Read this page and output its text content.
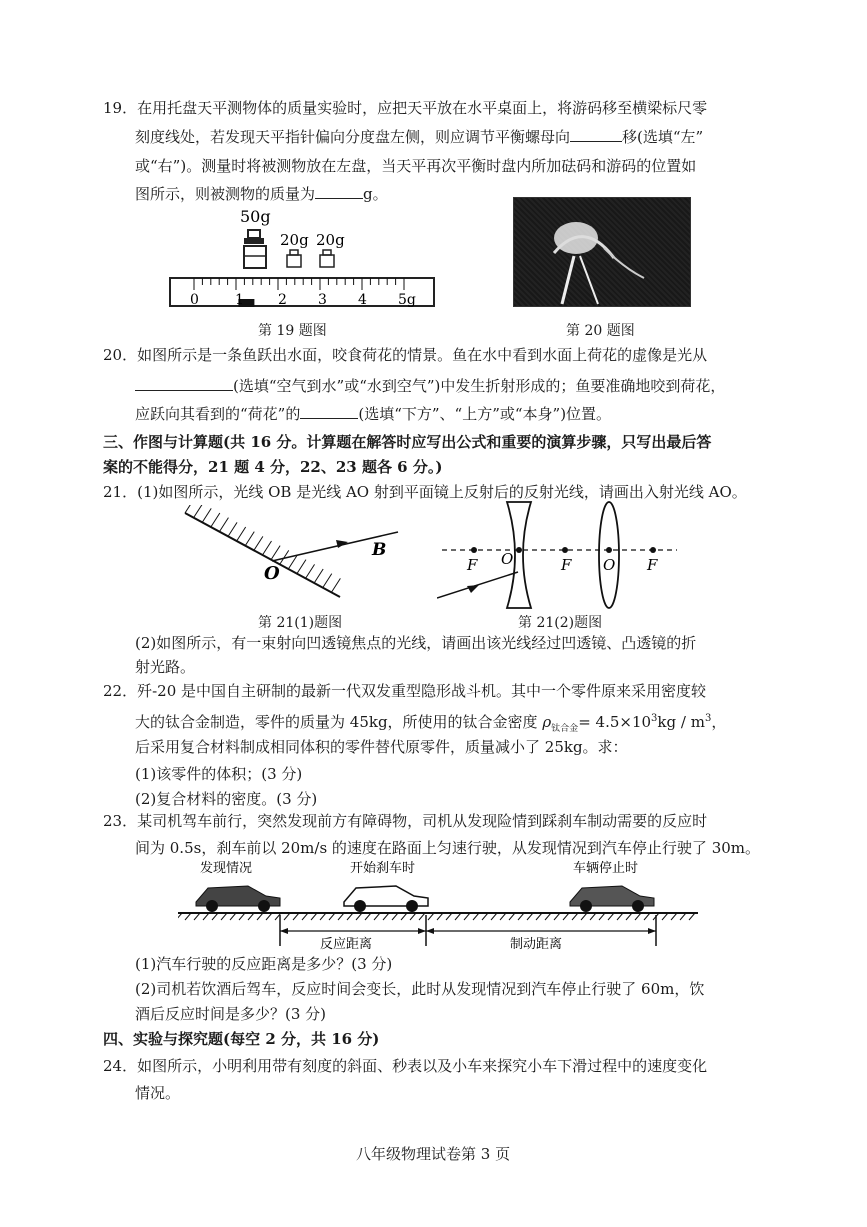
19．在用托盘天平测物体的质量实验时，应把天平放在水平桌面上，将游码移至横梁标尺零
刻度线处，若发现天平指针偏向分度盘左侧，则应调节平衡螺母向	移(选填“左”
或“右”)。测量时将被测物放在左盘，当天平再次平衡时盘内所加砝码和游码的位置如
图所示，则被测物的质量为	g。
50g
20g 20g
0	1 2 3 4 5g
第 19 题图	第 20 题图
20．如图所示是一条鱼跃出水面，咬食荷花的情景。鱼在水中看到水面上荷花的虚像是光从
(选填“空气到水”或“水到空气”)中发生折射形成的；鱼要准确地咬到荷花，
应跃向其看到的“荷花”的	(选填“下方”、“上方”或“本身”)位置。
三、作图与计算题(共 16 分。计算题在解答时应写出公式和重要的演算步骤，只写出最后答
案的不能得分，21 题 4 分，22、23 题各 6 分。)
21．(1)如图所示，光线 OB 是光线 AO 射到平面镜上反射后的反射光线，请画出入射光线 AO。
O
B
第 21(1)题图
F O	F O F
第 21(2)题图
(2)如图所示，有一束射向凹透镜焦点的光线，请画出该光线经过凹透镜、凸透镜的折
射光路。
22．歼-20 是中国自主研制的最新一代双发重型隐形战斗机。其中一个零件原来采用密度较
大的钛合金制造，零件的质量为 45kg，所使用的钛合金密度 $\rho_{钛合金}= 4.5\times 10^3kg / m^3$，
后采用复合材料制成相同体积的零件替代原零件，质量减小了 25kg。求：
(1)该零件的体积；(3 分)
(2)复合材料的密度。(3 分)
23．某司机驾车前行，突然发现前方有障碍物，司机从发现险情到踩刹车制动需要的反应时
间为 0.5s，刹车前以 20m/s 的速度在路面上匀速行驶，从发现情况到汽车停止行驶了 30m。
发现情况	开始刹车时	车辆停止时
反应距离	制动距离
(1)汽车行驶的反应距离是多少？(3 分)
(2)司机若饮酒后驾车，反应时间会变长，此时从发现情况到汽车停止行驶了 60m，饮
酒后反应时间是多少？(3 分)
四、实验与探究题(每空 2 分，共 16 分)
24．如图所示，小明利用带有刻度的斜面、秒表以及小车来探究小车下滑过程中的速度变化
情况。
八年级物理试卷第 3 页
